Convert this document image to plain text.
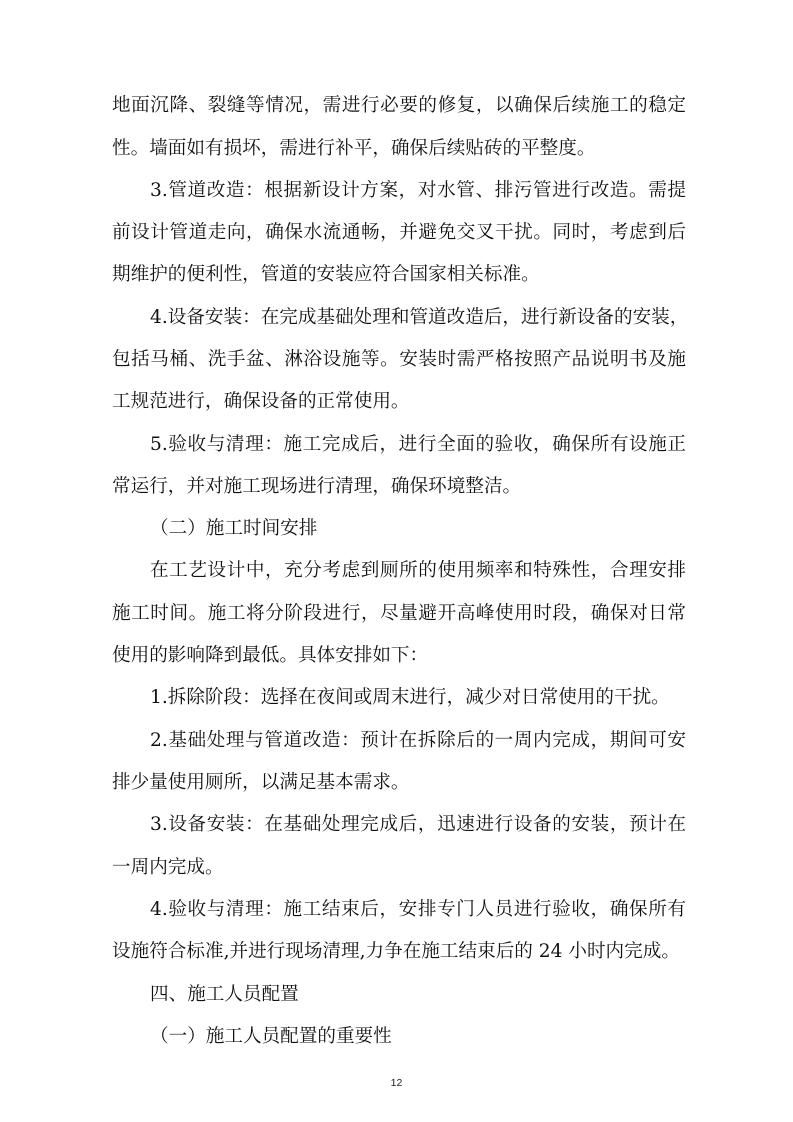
地面沉降、裂缝等情况，需进行必要的修复，以确保后续施工的稳定
性。墙面如有损坏，需进行补平，确保后续贴砖的平整度。
3.管道改造：根据新设计方案，对水管、排污管进行改造。需提
前设计管道走向，确保水流通畅，并避免交叉干扰。同时，考虑到后
期维护的便利性，管道的安装应符合国家相关标准。
4.设备安装：在完成基础处理和管道改造后，进行新设备的安装，
包括马桶、洗手盆、淋浴设施等。安装时需严格按照产品说明书及施
工规范进行，确保设备的正常使用。
5.验收与清理：施工完成后，进行全面的验收，确保所有设施正
常运行，并对施工现场进行清理，确保环境整洁。
（二）施工时间安排
在工艺设计中，充分考虑到厕所的使用频率和特殊性，合理安排
施工时间。施工将分阶段进行，尽量避开高峰使用时段，确保对日常
使用的影响降到最低。具体安排如下：
1.拆除阶段：选择在夜间或周末进行，减少对日常使用的干扰。
2.基础处理与管道改造：预计在拆除后的一周内完成，期间可安
排少量使用厕所，以满足基本需求。
3.设备安装：在基础处理完成后，迅速进行设备的安装，预计在
一周内完成。
4.验收与清理：施工结束后，安排专门人员进行验收，确保所有
设施符合标准,并进行现场清理,力争在施工结束后的 24 小时内完成。
四、施工人员配置
（一）施工人员配置的重要性
12
